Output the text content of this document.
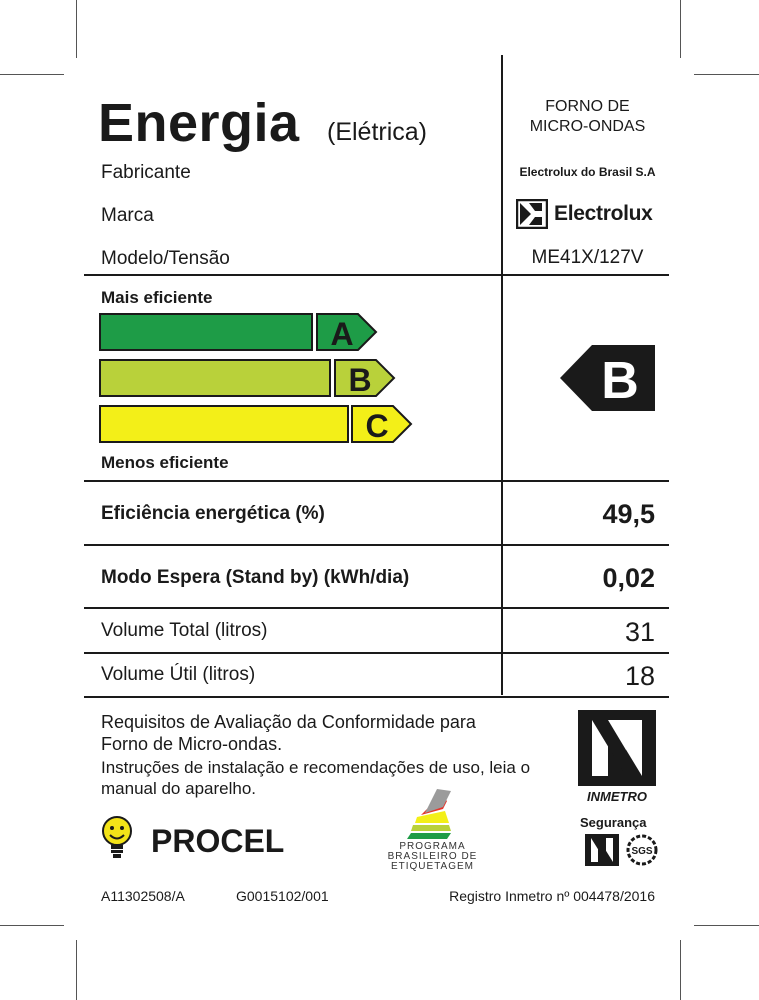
Energia (Elétrica)
FORNO DE
MICRO-ONDAS
Fabricante	Electrolux do Brasil S.A
Marca	Electrolux
Modelo/Tensão	ME41X/127V
Mais eficiente
Menos eficiente
A
B
C
B
Eficiência energética (%)	49,5
Modo Espera (Stand by) (kWh/dia)	0,02
Volume Total (litros)	31
Volume Útil (litros)	18
Requisitos de Avaliação da Conformidade para
Forno de Micro-ondas.
Instruções de instalação e recomendações de uso, leia o
manual do aparelho.	INMETRO
Segurança
SGS
PROCEL	PROGRAMA
BRASILEIRO DE
ETIQUETAGEM
A11302508/A	G0015102/001	Registro Inmetro nº 004478/2016
